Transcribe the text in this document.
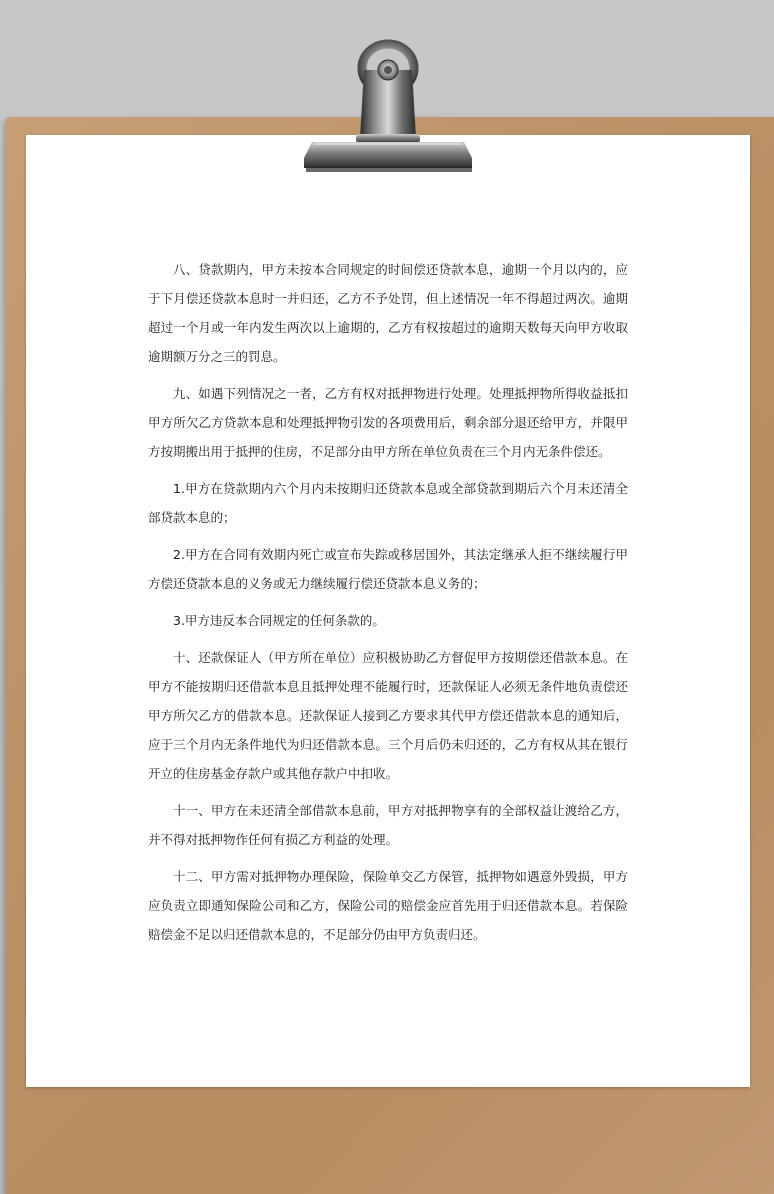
八、贷款期内，甲方未按本合同规定的时间偿还贷款本息，逾期一个月以内的，应于下月偿还贷款本息时一并归还，乙方不予处罚，但上述情况一年不得超过两次。逾期超过一个月或一年内发生两次以上逾期的，乙方有权按超过的逾期天数每天向甲方收取逾期额万分之三的罚息。

九、如遇下列情况之一者，乙方有权对抵押物进行处理。处理抵押物所得收益抵扣甲方所欠乙方贷款本息和处理抵押物引发的各项费用后，剩余部分退还给甲方，并限甲方按期搬出用于抵押的住房，不足部分由甲方所在单位负责在三个月内无条件偿还。

1.甲方在贷款期内六个月内未按期归还贷款本息或全部贷款到期后六个月未还清全部贷款本息的；

2.甲方在合同有效期内死亡或宣布失踪或移居国外，其法定继承人拒不继续履行甲方偿还贷款本息的义务或无力继续履行偿还贷款本息义务的；

3.甲方违反本合同规定的任何条款的。

十、还款保证人（甲方所在单位）应积极协助乙方督促甲方按期偿还借款本息。在甲方不能按期归还借款本息且抵押处理不能履行时，还款保证人必须无条件地负责偿还甲方所欠乙方的借款本息。还款保证人接到乙方要求其代甲方偿还借款本息的通知后，应于三个月内无条件地代为归还借款本息。三个月后仍未归还的，乙方有权从其在银行开立的住房基金存款户或其他存款户中扣收。

十一、甲方在未还清全部借款本息前，甲方对抵押物享有的全部权益让渡给乙方，并不得对抵押物作任何有损乙方利益的处理。

十二、甲方需对抵押物办理保险，保险单交乙方保管，抵押物如遇意外毁损，甲方应负责立即通知保险公司和乙方，保险公司的赔偿金应首先用于归还借款本息。若保险赔偿金不足以归还借款本息的，不足部分仍由甲方负责归还。
